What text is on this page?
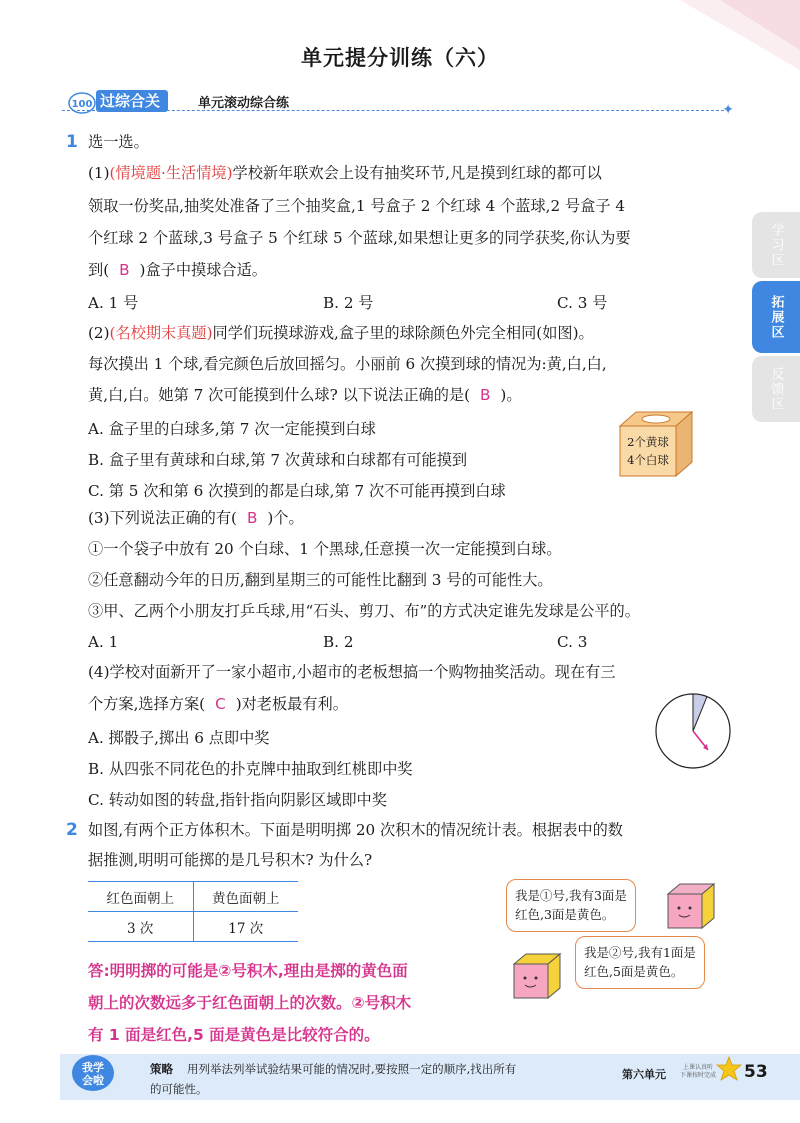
单元提分训练（六）
100 过综合关	单元滚动综合练	✦
学习区
拓展区
反馈区
1 选一选。
(1)(情境题·生活情境)学校新年联欢会上设有抽奖环节,凡是摸到红球的都可以
领取一份奖品,抽奖处准备了三个抽奖盒,1 号盒子 2 个红球 4 个蓝球,2 号盒子 4
个红球 2 个蓝球,3 号盒子 5 个红球 5 个蓝球,如果想让更多的同学获奖,你认为要
到( B )盒子中摸球合适。
A. 1 号	B. 2 号	C. 3 号
(2)(名校期末真题)同学们玩摸球游戏,盒子里的球除颜色外完全相同(如图)。
每次摸出 1 个球,看完颜色后放回摇匀。小丽前 6 次摸到球的情况为:黄,白,白,
黄,白,白。她第 7 次可能摸到什么球? 以下说法正确的是( B )。
A. 盒子里的白球多,第 7 次一定能摸到白球
B. 盒子里有黄球和白球,第 7 次黄球和白球都有可能摸到
C. 第 5 次和第 6 次摸到的都是白球,第 7 次不可能再摸到白球
2个黄球
4个白球
(3)下列说法正确的有( B )个。
①一个袋子中放有 20 个白球、1 个黑球,任意摸一次一定能摸到白球。
②任意翻动今年的日历,翻到星期三的可能性比翻到 3 号的可能性大。
③甲、乙两个小朋友打乒乓球,用“石头、剪刀、布”的方式决定谁先发球是公平的。
A. 1	B. 2	C. 3
(4)学校对面新开了一家小超市,小超市的老板想搞一个购物抽奖活动。现在有三
个方案,选择方案( C )对老板最有利。
A. 掷骰子,掷出 6 点即中奖
B. 从四张不同花色的扑克牌中抽取到红桃即中奖
C. 转动如图的转盘,指针指向阴影区域即中奖
2 如图,有两个正方体积木。下面是明明掷 20 次积木的情况统计表。根据表中的数
据推测,明明可能掷的是几号积木? 为什么?
红色面朝上	黄色面朝上
3 次	17 次
我是①号,我有3面是
红色,3面是黄色。
我是②号,我有1面是
红色,5面是黄色。
答:明明掷的可能是②号积木,理由是掷的黄色面
朝上的次数远多于红色面朝上的次数。②号积木
有 1 面是红色,5 面是黄色是比较符合的。
我学
会啦
策略 用列举法列举试验结果可能的情况时,要按照一定的顺序,找出所有
的可能性。
第六单元
上课认真听
下课按时完成 53
